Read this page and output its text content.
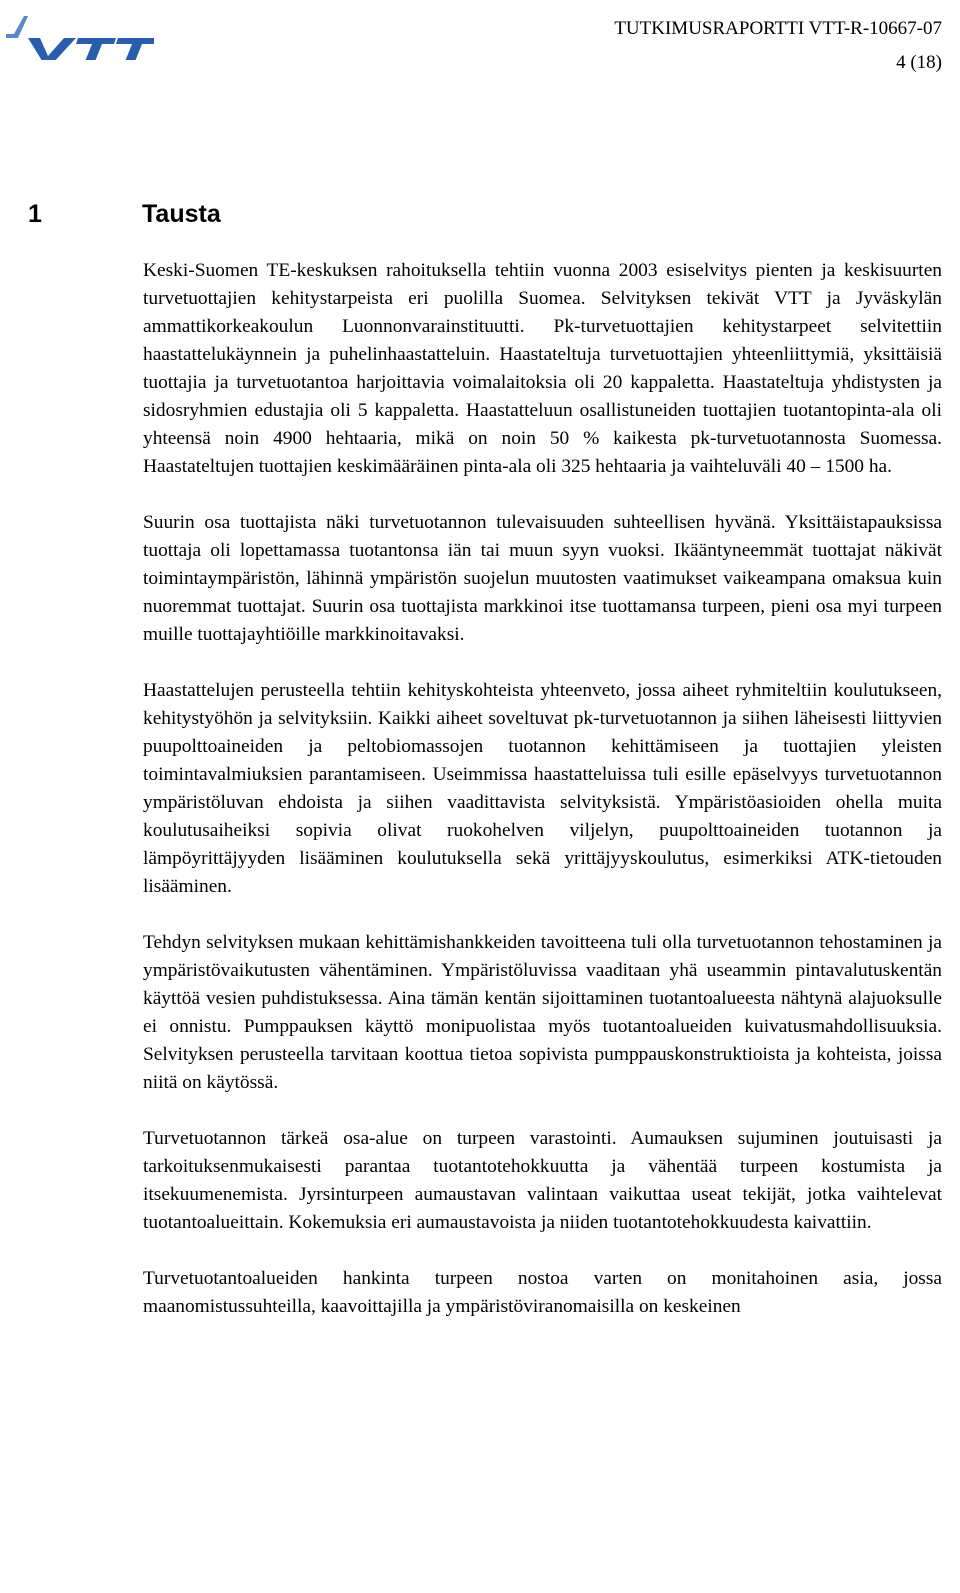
TUTKIMUSRAPORTTI VTT-R-10667-07
4 (18)
1	Tausta

Keski-Suomen TE-keskuksen rahoituksella tehtiin vuonna 2003 esiselvitys pienten ja keskisuurten turvetuottajien kehitystarpeista eri puolilla Suomea. Selvityksen tekivät VTT ja Jyväskylän ammattikorkeakoulun Luonnonvarainstituutti. Pk-turvetuottajien kehitystarpeet selvitettiin haastattelukäynnein ja puhelinhaastatteluin. Haastateltuja turvetuottajien yhteenliittymiä, yksittäisiä tuottajia ja turvetuotantoa harjoittavia voimalaitoksia oli 20 kappaletta. Haastateltuja yhdistysten ja sidosryhmien edustajia oli 5 kappaletta. Haastatteluun osallistuneiden tuottajien tuotantopinta-ala oli yhteensä noin 4900 hehtaaria, mikä on noin 50 % kaikesta pk-turvetuotannosta Suomessa. Haastateltujen tuottajien keskimääräinen pinta-ala oli 325 hehtaaria ja vaihteluväli 40 – 1500 ha.

Suurin osa tuottajista näki turvetuotannon tulevaisuuden suhteellisen hyvänä. Yksittäistapauksissa tuottaja oli lopettamassa tuotantonsa iän tai muun syyn vuoksi. Ikääntyneemmät tuottajat näkivät toimintaympäristön, lähinnä ympäristön suojelun muutosten vaatimukset vaikeampana omaksua kuin nuoremmat tuottajat. Suurin osa tuottajista markkinoi itse tuottamansa turpeen, pieni osa myi turpeen muille tuottajayhtiöille markkinoitavaksi.

Haastattelujen perusteella tehtiin kehityskohteista yhteenveto, jossa aiheet ryhmiteltiin koulutukseen, kehitystyöhön ja selvityksiin. Kaikki aiheet soveltuvat pk-turvetuotannon ja siihen läheisesti liittyvien puupolttoaineiden ja peltobiomassojen tuotannon kehittämiseen ja tuottajien yleisten toimintavalmiuksien parantamiseen. Useimmissa haastatteluissa tuli esille epäselvyys turvetuotannon ympäristöluvan ehdoista ja siihen vaadittavista selvityksistä. Ympäristöasioiden ohella muita koulutusaiheiksi sopivia olivat ruokohelven viljelyn, puupolttoaineiden tuotannon ja lämpöyrittäjyyden lisääminen koulutuksella sekä yrittäjyyskoulutus, esimerkiksi ATK-tietouden lisääminen.

Tehdyn selvityksen mukaan kehittämishankkeiden tavoitteena tuli olla turvetuotannon tehostaminen ja ympäristövaikutusten vähentäminen. Ympäristöluvissa vaaditaan yhä useammin pintavalutuskentän käyttöä vesien puhdistuksessa. Aina tämän kentän sijoittaminen tuotantoalueesta nähtynä alajuoksulle ei onnistu. Pumppauksen käyttö monipuolistaa myös tuotantoalueiden kuivatusmahdollisuuksia. Selvityksen perusteella tarvitaan koottua tietoa sopivista pumppauskonstruktioista ja kohteista, joissa niitä on käytössä.

Turvetuotannon tärkeä osa-alue on turpeen varastointi. Aumauksen sujuminen joutuisasti ja tarkoituksenmukaisesti parantaa tuotantotehokkuutta ja vähentää turpeen kostumista ja itsekuumenemista. Jyrsinturpeen aumaustavan valintaan vaikuttaa useat tekijät, jotka vaihtelevat tuotantoalueittain. Kokemuksia eri aumaustavoista ja niiden tuotantotehokkuudesta kaivattiin.

Turvetuotantoalueiden hankinta turpeen nostoa varten on monitahoinen asia, jossa maanomistussuhteilla, kaavoittajilla ja ympäristöviranomaisilla on keskeinen
